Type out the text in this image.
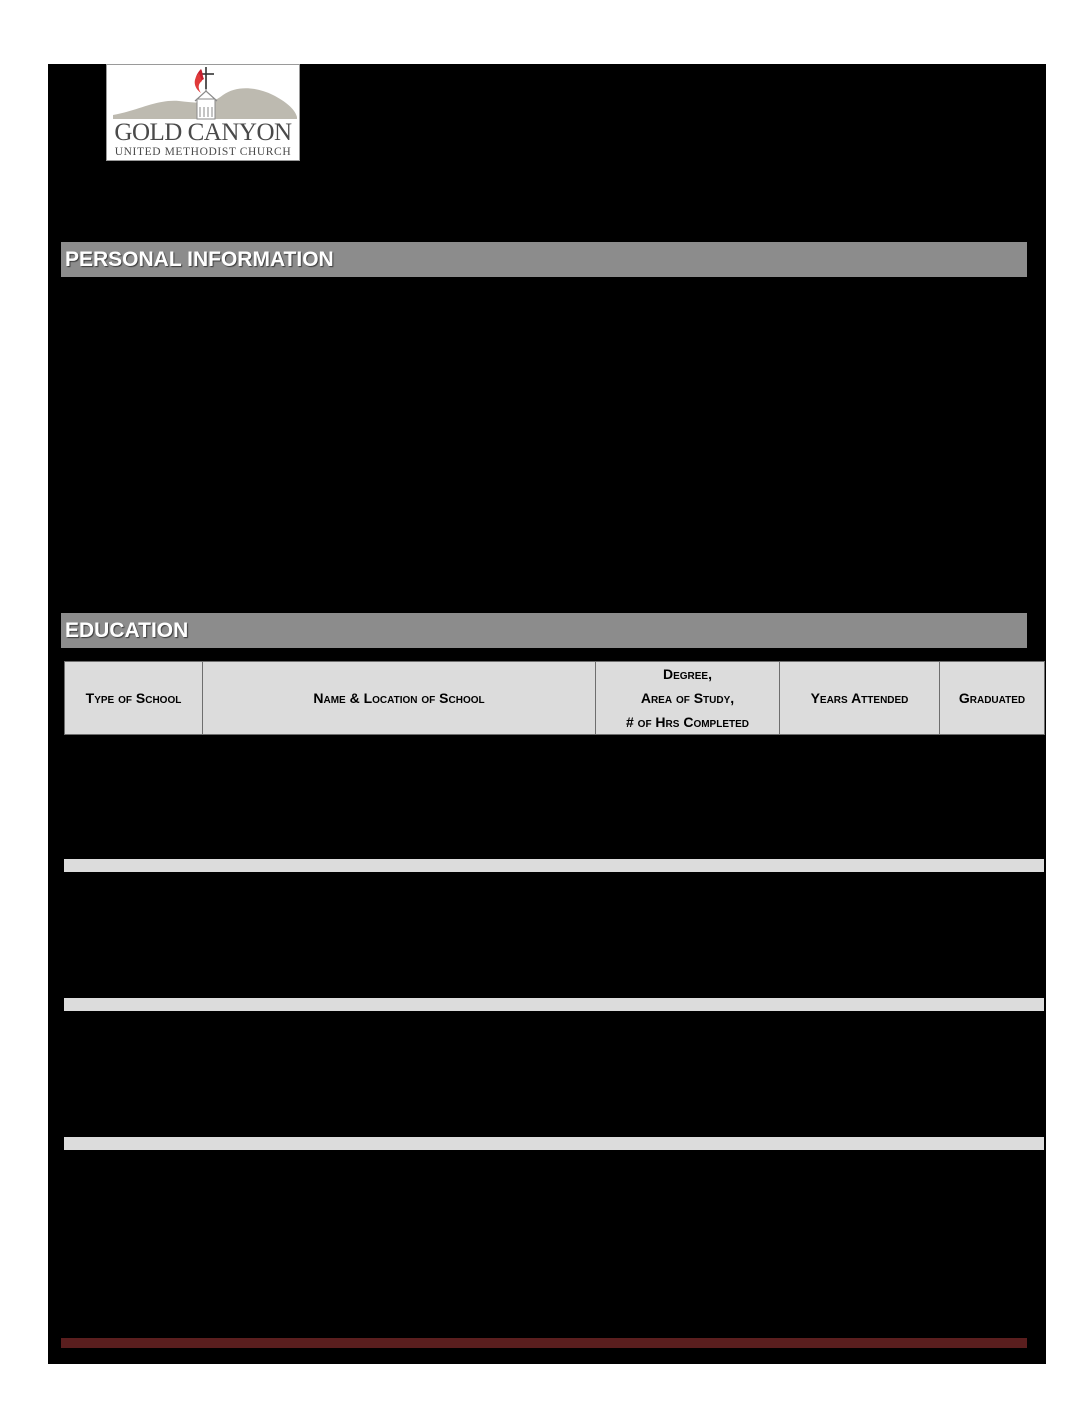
GOLD CANYON
UNITED METHODIST CHURCH
PERSONAL INFORMATION
EDUCATION
Type of School	Name & Location of School	Degree,
Area of Study,
# of Hrs Completed	Years Attended	Graduated
